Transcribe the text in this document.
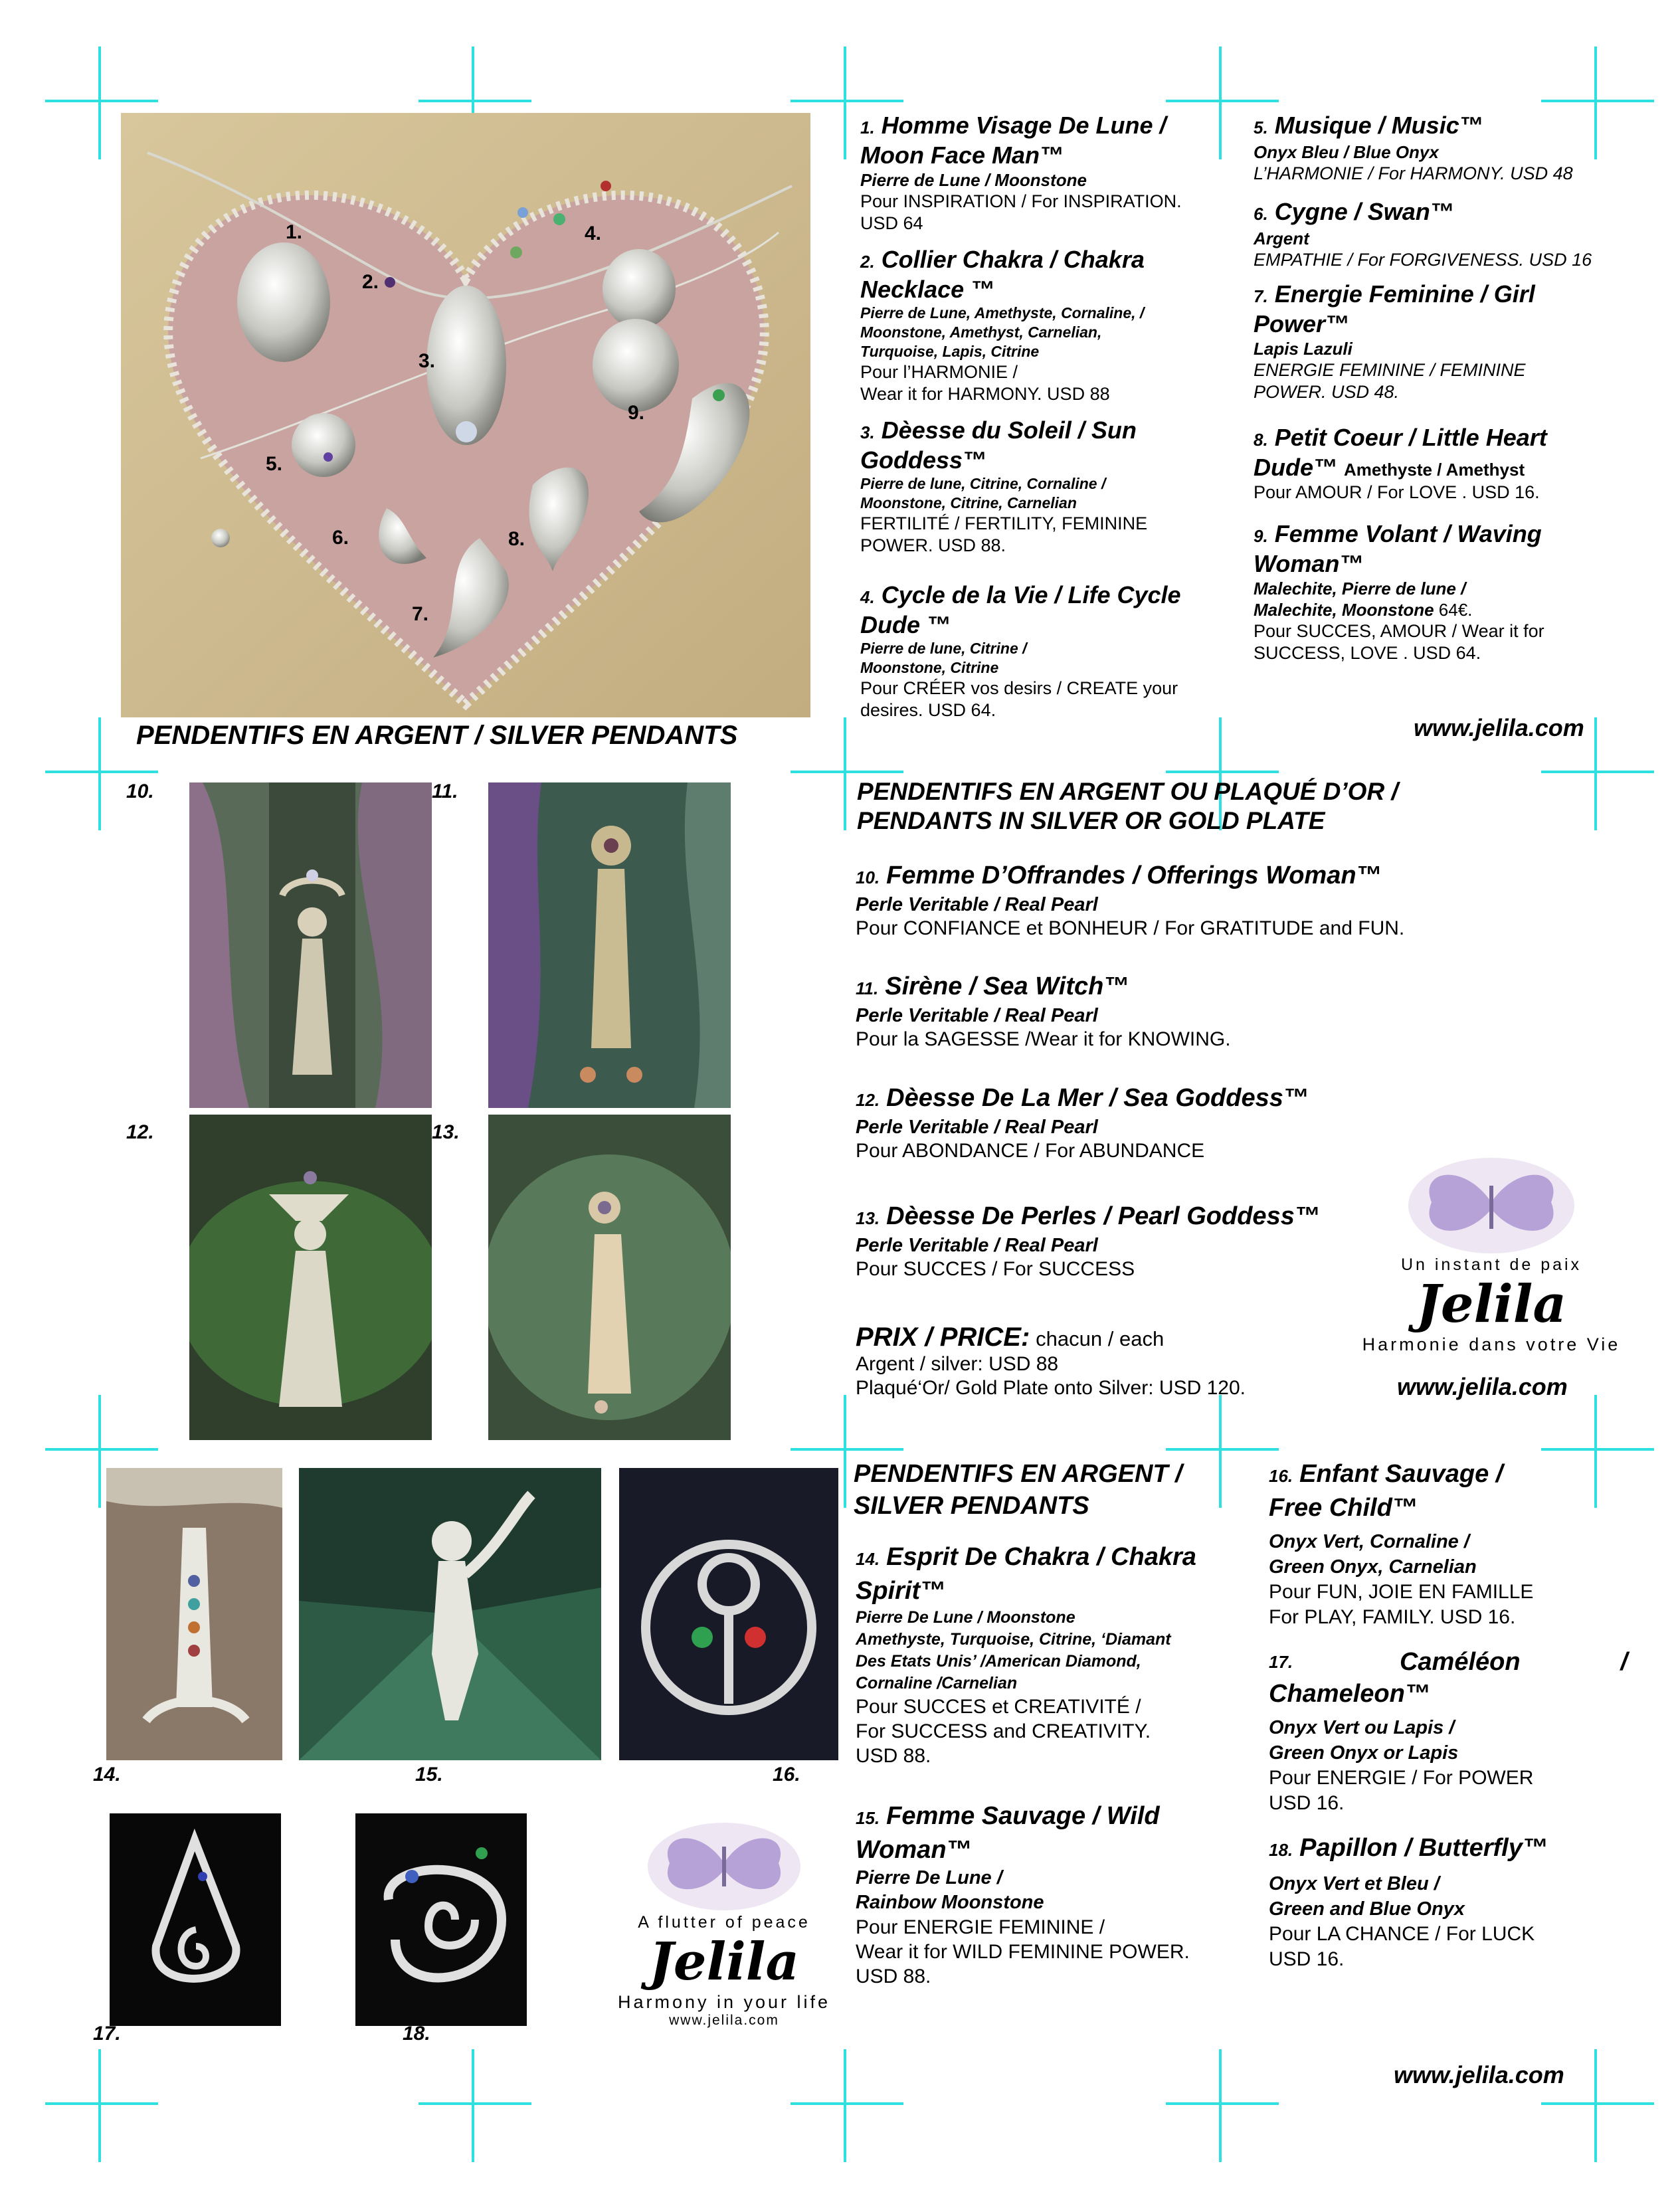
1.
2.
3.
4.
5.
6.
7.
8.
9.
PENDENTIFS EN ARGENT / SILVER PENDANTS
1. Homme Visage De Lune /
Moon Face Man™
Pierre de Lune / Moonstone
Pour INSPIRATION / For INSPIRATION.
USD 64
2. Collier Chakra / Chakra
Necklace ™
Pierre de Lune, Amethyste, Cornaline, /
Moonstone, Amethyst, Carnelian,
Turquoise, Lapis, Citrine
Pour l’HARMONIE /
Wear it for HARMONY. USD 88
3. Dèesse du Soleil / Sun
Goddess™
Pierre de lune, Citrine, Cornaline /
Moonstone, Citrine, Carnelian
FERTILITÉ / FERTILITY, FEMININE
POWER. USD 88.
4. Cycle de la Vie / Life Cycle
Dude ™
Pierre de lune, Citrine /
Moonstone, Citrine
Pour CRÉER vos desirs / CREATE your
desires. USD 64.
5. Musique / Music™
Onyx Bleu / Blue Onyx
L’HARMONIE / For HARMONY. USD 48
6. Cygne / Swan™
Argent
EMPATHIE / For FORGIVENESS. USD 16
7. Energie Feminine / Girl
Power™
Lapis Lazuli
ENERGIE FEMININE / FEMININE
POWER. USD 48.
8. Petit Coeur / Little Heart
Dude™ Amethyste / Amethyst
Pour AMOUR / For LOVE . USD 16.
9. Femme Volant / Waving
Woman™
Malechite, Pierre de lune /
Malechite, Moonstone 64€.
Pour SUCCES, AMOUR / Wear it for
SUCCESS, LOVE . USD 64.
www.jelila.com
10.	11.
12.	13.
PENDENTIFS EN ARGENT OU PLAQUÉ D’OR /
PENDANTS IN SILVER OR GOLD PLATE
10. Femme D’Offrandes / Offerings Woman™
Perle Veritable / Real Pearl
Pour CONFIANCE et BONHEUR / For GRATITUDE and FUN.
11. Sirène / Sea Witch™
Perle Veritable / Real Pearl
Pour la SAGESSE /Wear it for KNOWING.
12. Dèesse De La Mer / Sea Goddess™
Perle Veritable / Real Pearl
Pour ABONDANCE / For ABUNDANCE
13. Dèesse De Perles / Pearl Goddess™
Perle Veritable / Real Pearl
Pour SUCCES / For SUCCESS
PRIX / PRICE: chacun / each
Argent / silver: USD 88
Plaqué‘Or/ Gold Plate onto Silver: USD 120.
Un instant de paix
Jelila
Harmonie dans votre Vie
www.jelila.com
14.	15.	16.
17.	18.
A flutter of peace
Jelila
Harmony in your life
www.jelila.com
PENDENTIFS EN ARGENT /
SILVER PENDANTS
14. Esprit De Chakra / Chakra
Spirit™
Pierre De Lune / Moonstone
Amethyste, Turquoise, Citrine, ‘Diamant
Des Etats Unis’ /American Diamond,
Cornaline /Carnelian
Pour SUCCES et CREATIVITÉ /
For SUCCESS and CREATIVITY.
USD 88.
15. Femme Sauvage / Wild
Woman™
Pierre De Lune /
Rainbow Moonstone
Pour ENERGIE FEMININE /
Wear it for WILD FEMININE POWER.
USD 88.
16. Enfant Sauvage /
Free Child™
Onyx Vert, Cornaline /
Green Onyx, Carnelian
Pour FUN, JOIE EN FAMILLE
For PLAY, FAMILY. USD 16.
17.	Caméléon	/
Chameleon™
Onyx Vert ou Lapis /
Green Onyx or Lapis
Pour ENERGIE / For POWER
USD 16.
18. Papillon / Butterfly™
Onyx Vert et Bleu /
Green and Blue Onyx
Pour LA CHANCE / For LUCK
USD 16.
www.jelila.com
